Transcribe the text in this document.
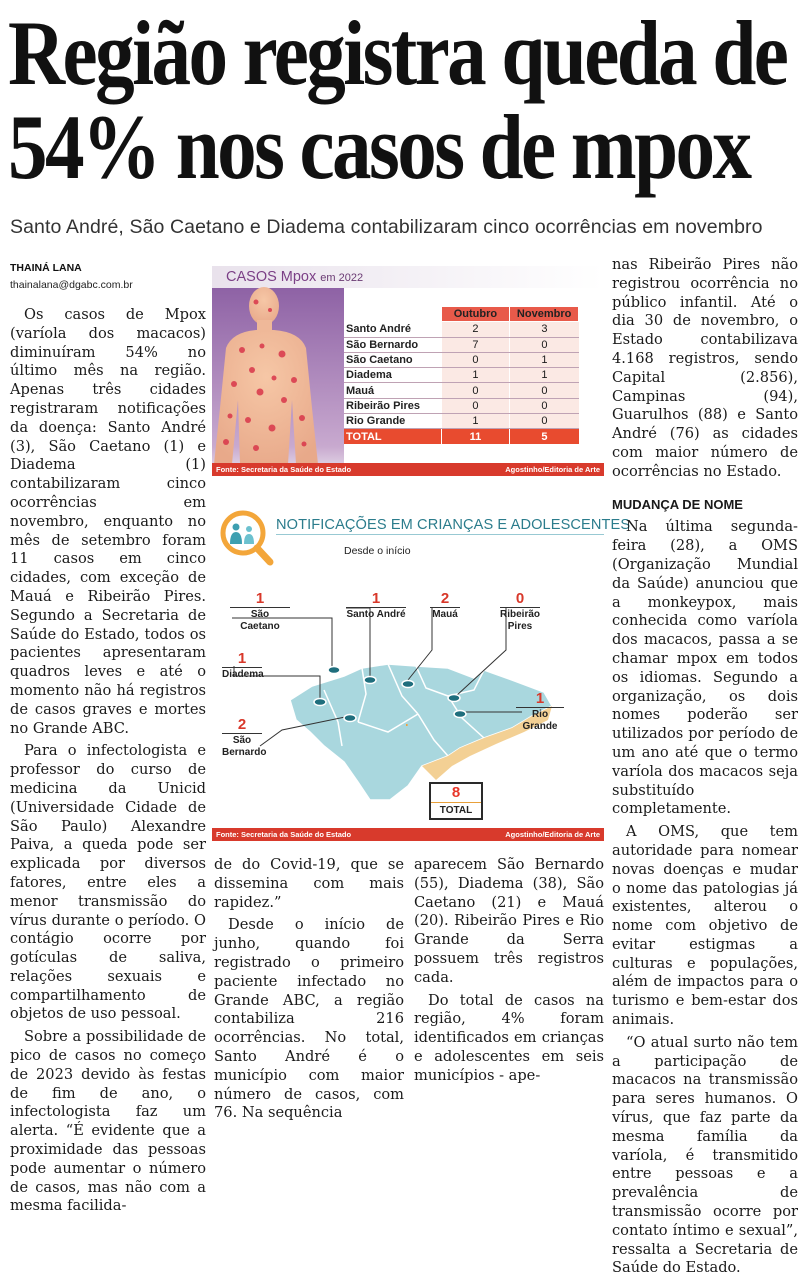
Região registra queda de
54% nos casos de mpox
Santo André, São Caetano e Diadema contabilizaram cinco ocorrências em novembro
THAINÁ LANA
thainalana@dgabc.com.br

Os casos de Mpox (varíola dos macacos) diminuíram 54% no último mês na região. Apenas três cidades registraram notificações da doença: Santo André (3), São Caetano (1) e Diadema (1) contabilizaram cinco ocorrências em novembro, enquanto no mês de setembro foram 11 casos em cinco cidades, com exceção de Mauá e Ribeirão Pires. Segundo a Secretaria de Saúde do Estado, todos os pacientes apresentaram quadros leves e até o momento não há registros de casos graves e mortes no Grande ABC.

Para o infectologista e professor do curso de medicina da Unicid (Universidade Cidade de São Paulo) Alexandre Paiva, a queda pode ser explicada por diversos fatores, entre eles a menor transmissão do vírus durante o período. O contágio ocorre por gotículas de saliva, relações sexuais e compartilhamento de objetos de uso pessoal.

Sobre a possibilidade de pico de casos no começo de 2023 devido às festas de fim de ano, o infectologista faz um alerta. “É evidente que a proximidade das pessoas pode aumentar o número de casos, mas não com a mesma facilida-

CASOS Mpox em 2022
	Outubro	Novembro
Santo André	2	3
São Bernardo	7	0
São Caetano	0	1
Diadema	1	1
Mauá	0	0
Ribeirão Pires	0	0
Rio Grande	1	0
TOTAL	11	5
Fonte: Secretaria da Saúde do Estado	Agostinho/Editoria de Arte
NOTIFICAÇÕES EM CRIANÇAS E ADOLESCENTES
Desde o início
1
São Caetano
1
Santo André
2
Mauá
0
Ribeirão Pires
1
Diadema
1
Rio Grande
2
São Bernardo
8
TOTAL
Fonte: Secretaria da Saúde do Estado	Agostinho/Editoria de Arte

de do Covid-19, que se dissemina com mais rapidez.”

Desde o início de junho, quando foi registrado o primeiro paciente infectado no Grande ABC, a região contabiliza 216 ocorrências. No total, Santo André é o município com maior número de casos, com 76. Na sequência

aparecem São Bernardo (55), Diadema (38), São Caetano (21) e Mauá (20). Ribeirão Pires e Rio Grande da Serra possuem três registros cada.

Do total de casos na região, 4% foram identificados em crianças e adolescentes em seis municípios - ape-

nas Ribeirão Pires não registrou ocorrência no público infantil. Até o dia 30 de novembro, o Estado contabilizava 4.168 registros, sendo Capital (2.856), Campinas (94), Guarulhos (88) e Santo André (76) as cidades com maior número de ocorrências no Estado.

MUDANÇA DE NOME

Na última segunda-feira (28), a OMS (Organização Mundial da Saúde) anunciou que a monkeypox, mais conhecida como varíola dos macacos, passa a se chamar mpox em todos os idiomas. Segundo a organização, os dois nomes poderão ser utilizados por período de um ano até que o termo varíola dos macacos seja substituído completamente.

A OMS, que tem autoridade para nomear novas doenças e mudar o nome das patologias já existentes, alterou o nome com objetivo de evitar estigmas a culturas e populações, além de impactos para o turismo e bem-estar dos animais.

“O atual surto não tem a participação de macacos na transmissão para seres humanos. O vírus, que faz parte da mesma família da varíola, é transmitido entre pessoas e a prevalência de transmissão ocorre por contato íntimo e sexual”, ressalta a Secretaria de Saúde do Estado.
